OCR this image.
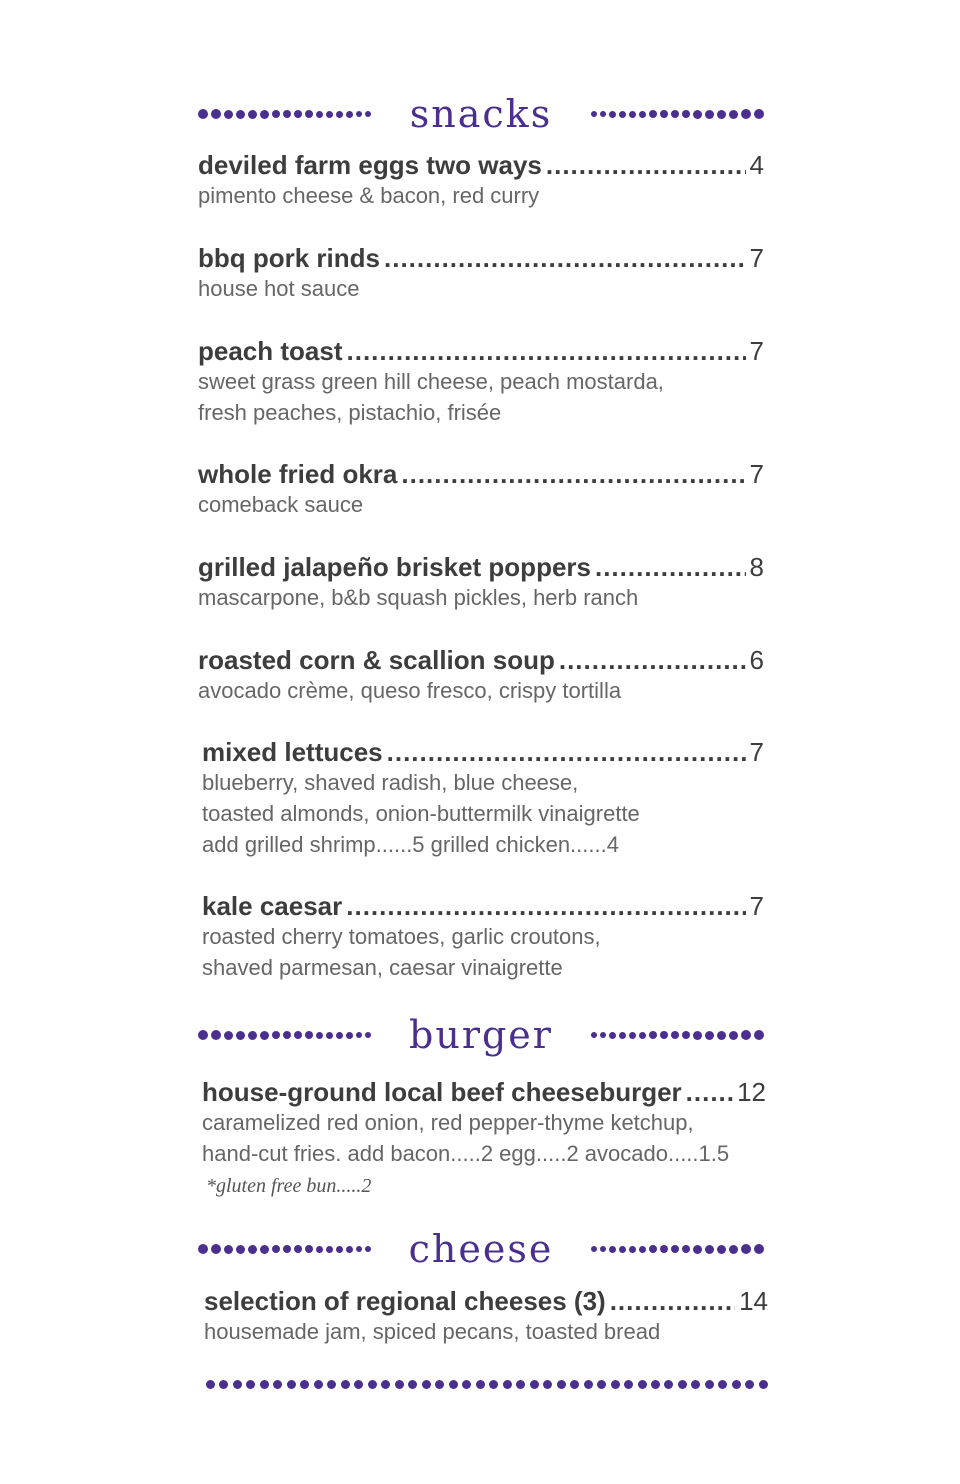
snacks
deviled farm eggs two ways .....	4
pimento cheese & bacon, red curry
bbq pork rinds .....	7
house hot sauce
peach toast .....	7
sweet grass green hill cheese, peach mostarda,
fresh peaches, pistachio, frisée
whole fried okra .....	7
comeback sauce
grilled jalapeño brisket poppers .....	8
mascarpone, b&b squash pickles, herb ranch
roasted corn & scallion soup .....	6
avocado crème, queso fresco, crispy tortilla
mixed lettuces .....	7
blueberry, shaved radish, blue cheese,
toasted almonds, onion-buttermilk vinaigrette
add grilled shrimp......5 grilled chicken......4
kale caesar .....	7
roasted cherry tomatoes, garlic croutons,
shaved parmesan, caesar vinaigrette
burger
house-ground local beef cheeseburger ..... 12
caramelized red onion, red pepper-thyme ketchup,
hand-cut fries. add bacon.....2 egg.....2 avocado.....1.5
*gluten free bun.....2
cheese
selection of regional cheeses (3) .....	14
housemade jam, spiced pecans, toasted bread
